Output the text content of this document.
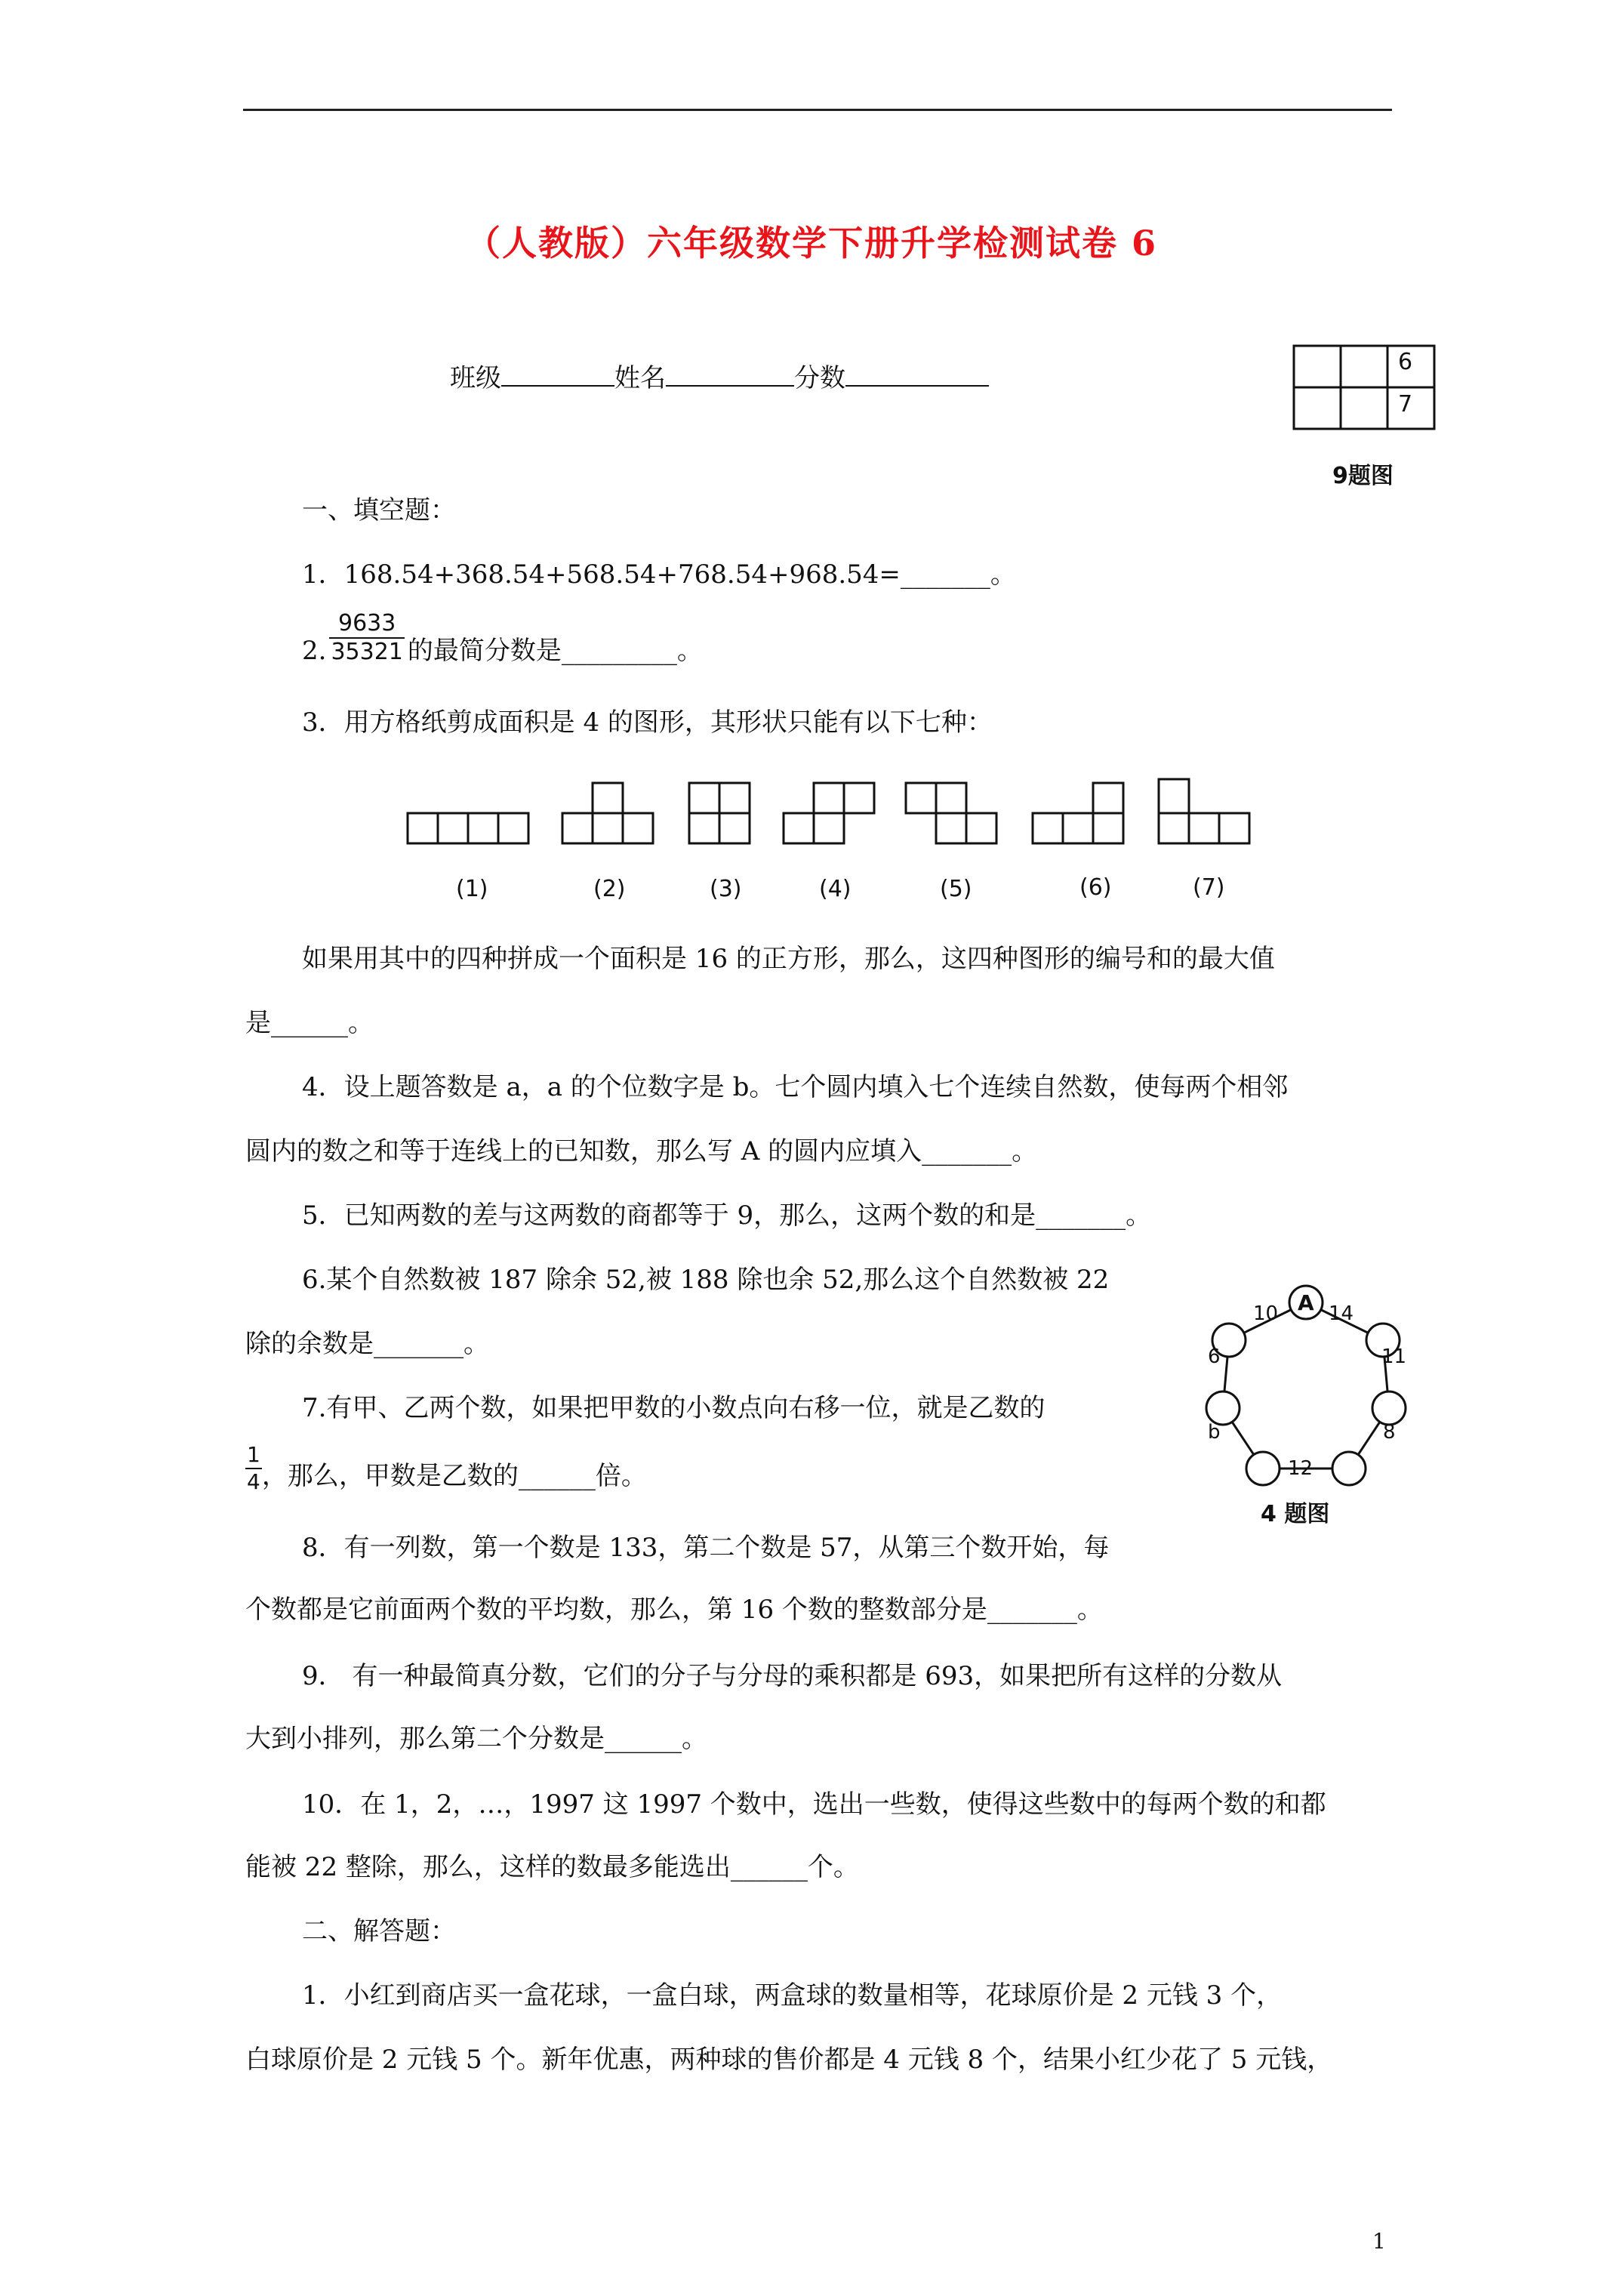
（人教版）六年级数学下册升学检测试卷 6
班级	姓名	分数
6
7
9题图
一、填空题：
1．168.54+368.54+568.54+768.54+968.54=_______。
2. $\frac{9633}{35321}$ 的最简分数是_________。
3．用方格纸剪成面积是 4 的图形，其形状只能有以下七种：
(1)	(2)	(3)	(4)	(5)	(6)	(7)
如果用其中的四种拼成一个面积是 16 的正方形，那么，这四种图形的编号和的最大值
是______。
4．设上题答数是 a，a 的个位数字是 b。七个圆内填入七个连续自然数，使每两个相邻
圆内的数之和等于连线上的已知数，那么写 A 的圆内应填入_______。
5．已知两数的差与这两数的商都等于 9，那么，这两个数的和是_______。
6.某个自然数被 187 除余 52,被 188 除也余 52,那么这个自然数被 22
除的余数是_______。
7.有甲、乙两个数，如果把甲数的小数点向右移一位，就是乙数的
$\frac{1}{4}$ ，那么，甲数是乙数的______倍。
A
10	14
6	11
b	8
12
4 题图
8．有一列数，第一个数是 133，第二个数是 57，从第三个数开始，每
个数都是它前面两个数的平均数，那么，第 16 个数的整数部分是_______。
9． 有一种最简真分数，它们的分子与分母的乘积都是 693，如果把所有这样的分数从
大到小排列，那么第二个分数是______。
10．在 1，2，…，1997 这 1997 个数中，选出一些数，使得这些数中的每两个数的和都
能被 22 整除，那么，这样的数最多能选出______个。
二、解答题：
1．小红到商店买一盒花球，一盒白球，两盒球的数量相等，花球原价是 2 元钱 3 个，
白球原价是 2 元钱 5 个。新年优惠，两种球的售价都是 4 元钱 8 个，结果小红少花了 5 元钱，
1
